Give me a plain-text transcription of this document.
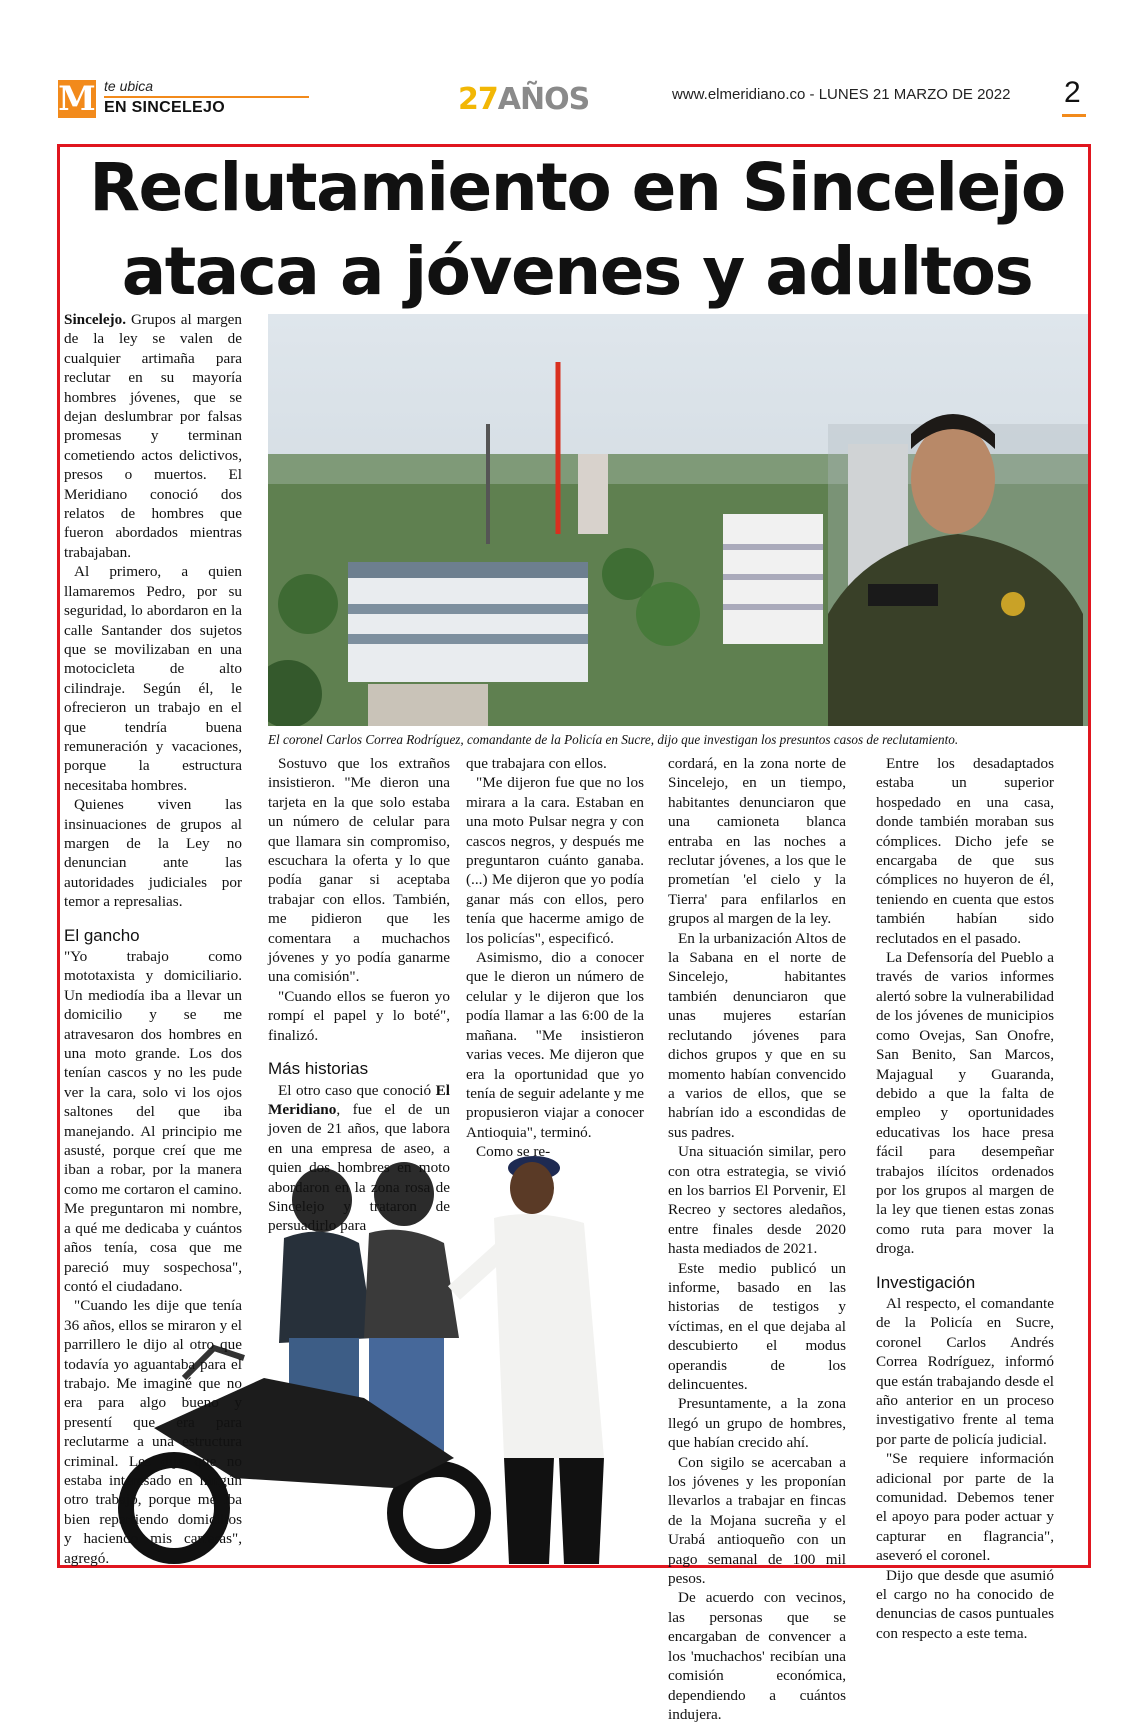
M te ubica
EN SINCELEJO	27AÑOS	www.elmeridiano.co - LUNES 21 MARZO DE 2022 2
Reclutamiento en Sincelejo
ataca a jóvenes y adultos
El coronel Carlos Correa Rodríguez, comandante de la Policía en Sucre, dijo que investigan los presuntos casos de reclutamiento.

Sincelejo. Grupos al margen de la ley se valen de cualquier artimaña para reclutar en su mayoría hombres jóvenes, que se dejan deslumbrar por falsas promesas y terminan cometiendo actos delictivos, presos o muertos. El Meridiano conoció dos relatos de hombres que fueron abordados mientras trabajaban.

Al primero, a quien llamaremos Pedro, por su seguridad, lo abordaron en la calle Santander dos sujetos que se movilizaban en una motocicleta de alto cilindraje. Según él, le ofrecieron un trabajo en el que tendría buena remuneración y vacaciones, porque la estructura necesitaba hombres.

Quienes viven las insinuaciones de grupos al margen de la Ley no denuncian ante las autoridades judiciales por temor a represalias.

El gancho

"Yo trabajo como mototaxista y domiciliario. Un mediodía iba a llevar un domicilio y se me atravesaron dos hombres en una moto grande. Los dos tenían cascos y no les pude ver la cara, solo vi los ojos saltones del que iba manejando. Al principio me asusté, porque creí que me iban a robar, por la manera como me cortaron el camino. Me preguntaron mi nombre, a qué me dedicaba y cuántos años tenía, cosa que me pareció muy sospechosa", contó el ciudadano.

"Cuando les dije que tenía 36 años, ellos se miraron y el parrillero le dijo al otro que todavía yo aguantaba para el trabajo. Me imaginé que no era para algo bueno y presentí que era para reclutarme a una estructura criminal. Les dije que no estaba interesado en ningún otro trabajo, porque me iba bien repartiendo domicilios y haciendo mis carreras", agregó.

Sostuvo que los extraños insistieron. "Me dieron una tarjeta en la que solo estaba un número de celular para que llamara sin compromiso, escuchara la oferta y lo que podía ganar si aceptaba trabajar con ellos. También, me pidieron que les comentara a muchachos jóvenes y yo podía ganarme una comisión".

"Cuando ellos se fueron yo rompí el papel y lo boté", finalizó.

Más historias

El otro caso que conoció El Meridiano, fue el de un joven de 21 años, que labora en una empresa de aseo, a quien dos hombres en moto abordaron en la zona rosa de Sincelejo y trataron de persuadirlo para

que trabajara con ellos.

"Me dijeron fue que no los mirara a la cara. Estaban en una moto Pulsar negra y con cascos negros, y después me preguntaron cuánto ganaba. (...) Me dijeron que yo podía ganar más con ellos, pero tenía que hacerme amigo de los policías", especificó.

Asimismo, dio a conocer que le dieron un número de celular y le dijeron que los podía llamar a las 6:00 de la mañana. "Me insistieron varias veces. Me dijeron que era la oportunidad que yo tenía de seguir adelante y me propusieron viajar a conocer Antioquia", terminó.

Como se re-

cordará, en la zona norte de Sincelejo, en un tiempo, habitantes denunciaron que una camioneta blanca entraba en las noches a reclutar jóvenes, a los que le prometían 'el cielo y la Tierra' para enfilarlos en grupos al margen de la ley.

En la urbanización Altos de la Sabana en el norte de Sincelejo, habitantes también denunciaron que unas mujeres estarían reclutando jóvenes para dichos grupos y que en su momento habían convencido a varios de ellos, que se habrían ido a escondidas de sus padres.

Una situación similar, pero con otra estrategia, se vivió en los barrios El Porvenir, El Recreo y sectores aledaños, entre finales desde 2020 hasta mediados de 2021.

Este medio publicó un informe, basado en las historias de testigos y víctimas, en el que dejaba al descubierto el modus operandis de los delincuentes.

Presuntamente, a la zona llegó un grupo de hombres, que habían crecido ahí.

Con sigilo se acercaban a los jóvenes y les proponían llevarlos a trabajar en fincas de la Mojana sucreña y el Urabá antioqueño con un pago semanal de 100 mil pesos.

De acuerdo con vecinos, las personas que se encargaban de convencer a los 'muchachos' recibían una comisión económica, dependiendo a cuántos indujera.

Entre los desadaptados estaba un superior hospedado en una casa, donde también moraban sus cómplices. Dicho jefe se encargaba de que sus cómplices no huyeron de él, teniendo en cuenta que estos también habían sido reclutados en el pasado.

La Defensoría del Pueblo a través de varios informes alertó sobre la vulnerabilidad de los jóvenes de municipios como Ovejas, San Onofre, San Benito, San Marcos, Majagual y Guaranda, debido a que la falta de empleo y oportunidades educativas los hace presa fácil para desempeñar trabajos ilícitos ordenados por los grupos al margen de la ley que tienen estas zonas como ruta para mover la droga.

Investigación

Al respecto, el comandante de la Policía en Sucre, coronel Carlos Andrés Correa Rodríguez, informó que están trabajando desde el año anterior en un proceso investigativo frente al tema por parte de policía judicial.

"Se requiere información adicional por parte de la comunidad. Debemos tener el apoyo para poder actuar y capturar en flagrancia", aseveró el coronel.

Dijo que desde que asumió el cargo no ha conocido de denuncias de casos puntuales con respecto a este tema.
